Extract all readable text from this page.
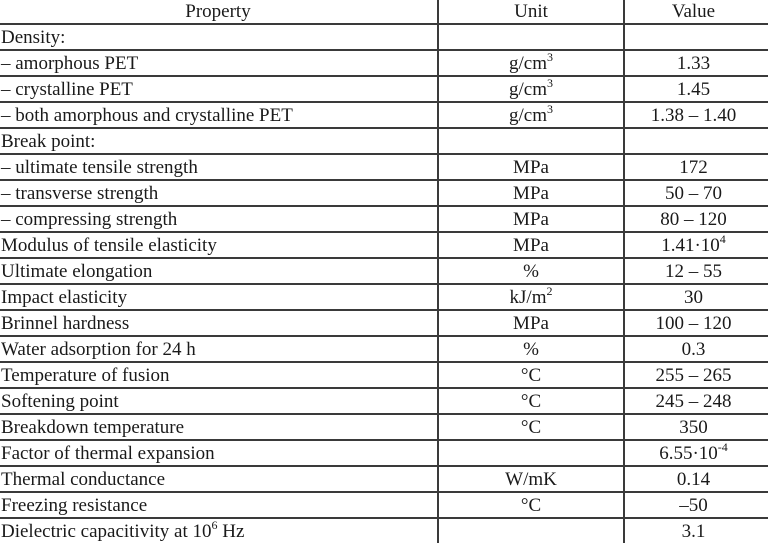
Property	Unit	Value
Density:		
– amorphous PET	$g/cm^3$	1.33
– crystalline PET	$g/cm^3$	1.45
– both amorphous and crystalline PET	$g/cm^3$	1.38 – 1.40
Break point:		
– ultimate tensile strength	MPa	172
– transverse strength	MPa	50 – 70
– compressing strength	MPa	80 – 120
Modulus of tensile elasticity	MPa	$1.41\cdot 10^4$
Ultimate elongation	%	12 – 55
Impact elasticity	$kJ/m^2$	30
Brinnel hardness	MPa	100 – 120
Water adsorption for 24 h	%	0.3
Temperature of fusion	°C	255 – 265
Softening point	°C	245 – 248
Breakdown temperature	°C	350
Factor of thermal expansion		$6.55\cdot 10^{-4}$
Thermal conductance	W/mK	0.14
Freezing resistance	°C	–50
Dielectric capacitivity at $10^6$ Hz		3.1
